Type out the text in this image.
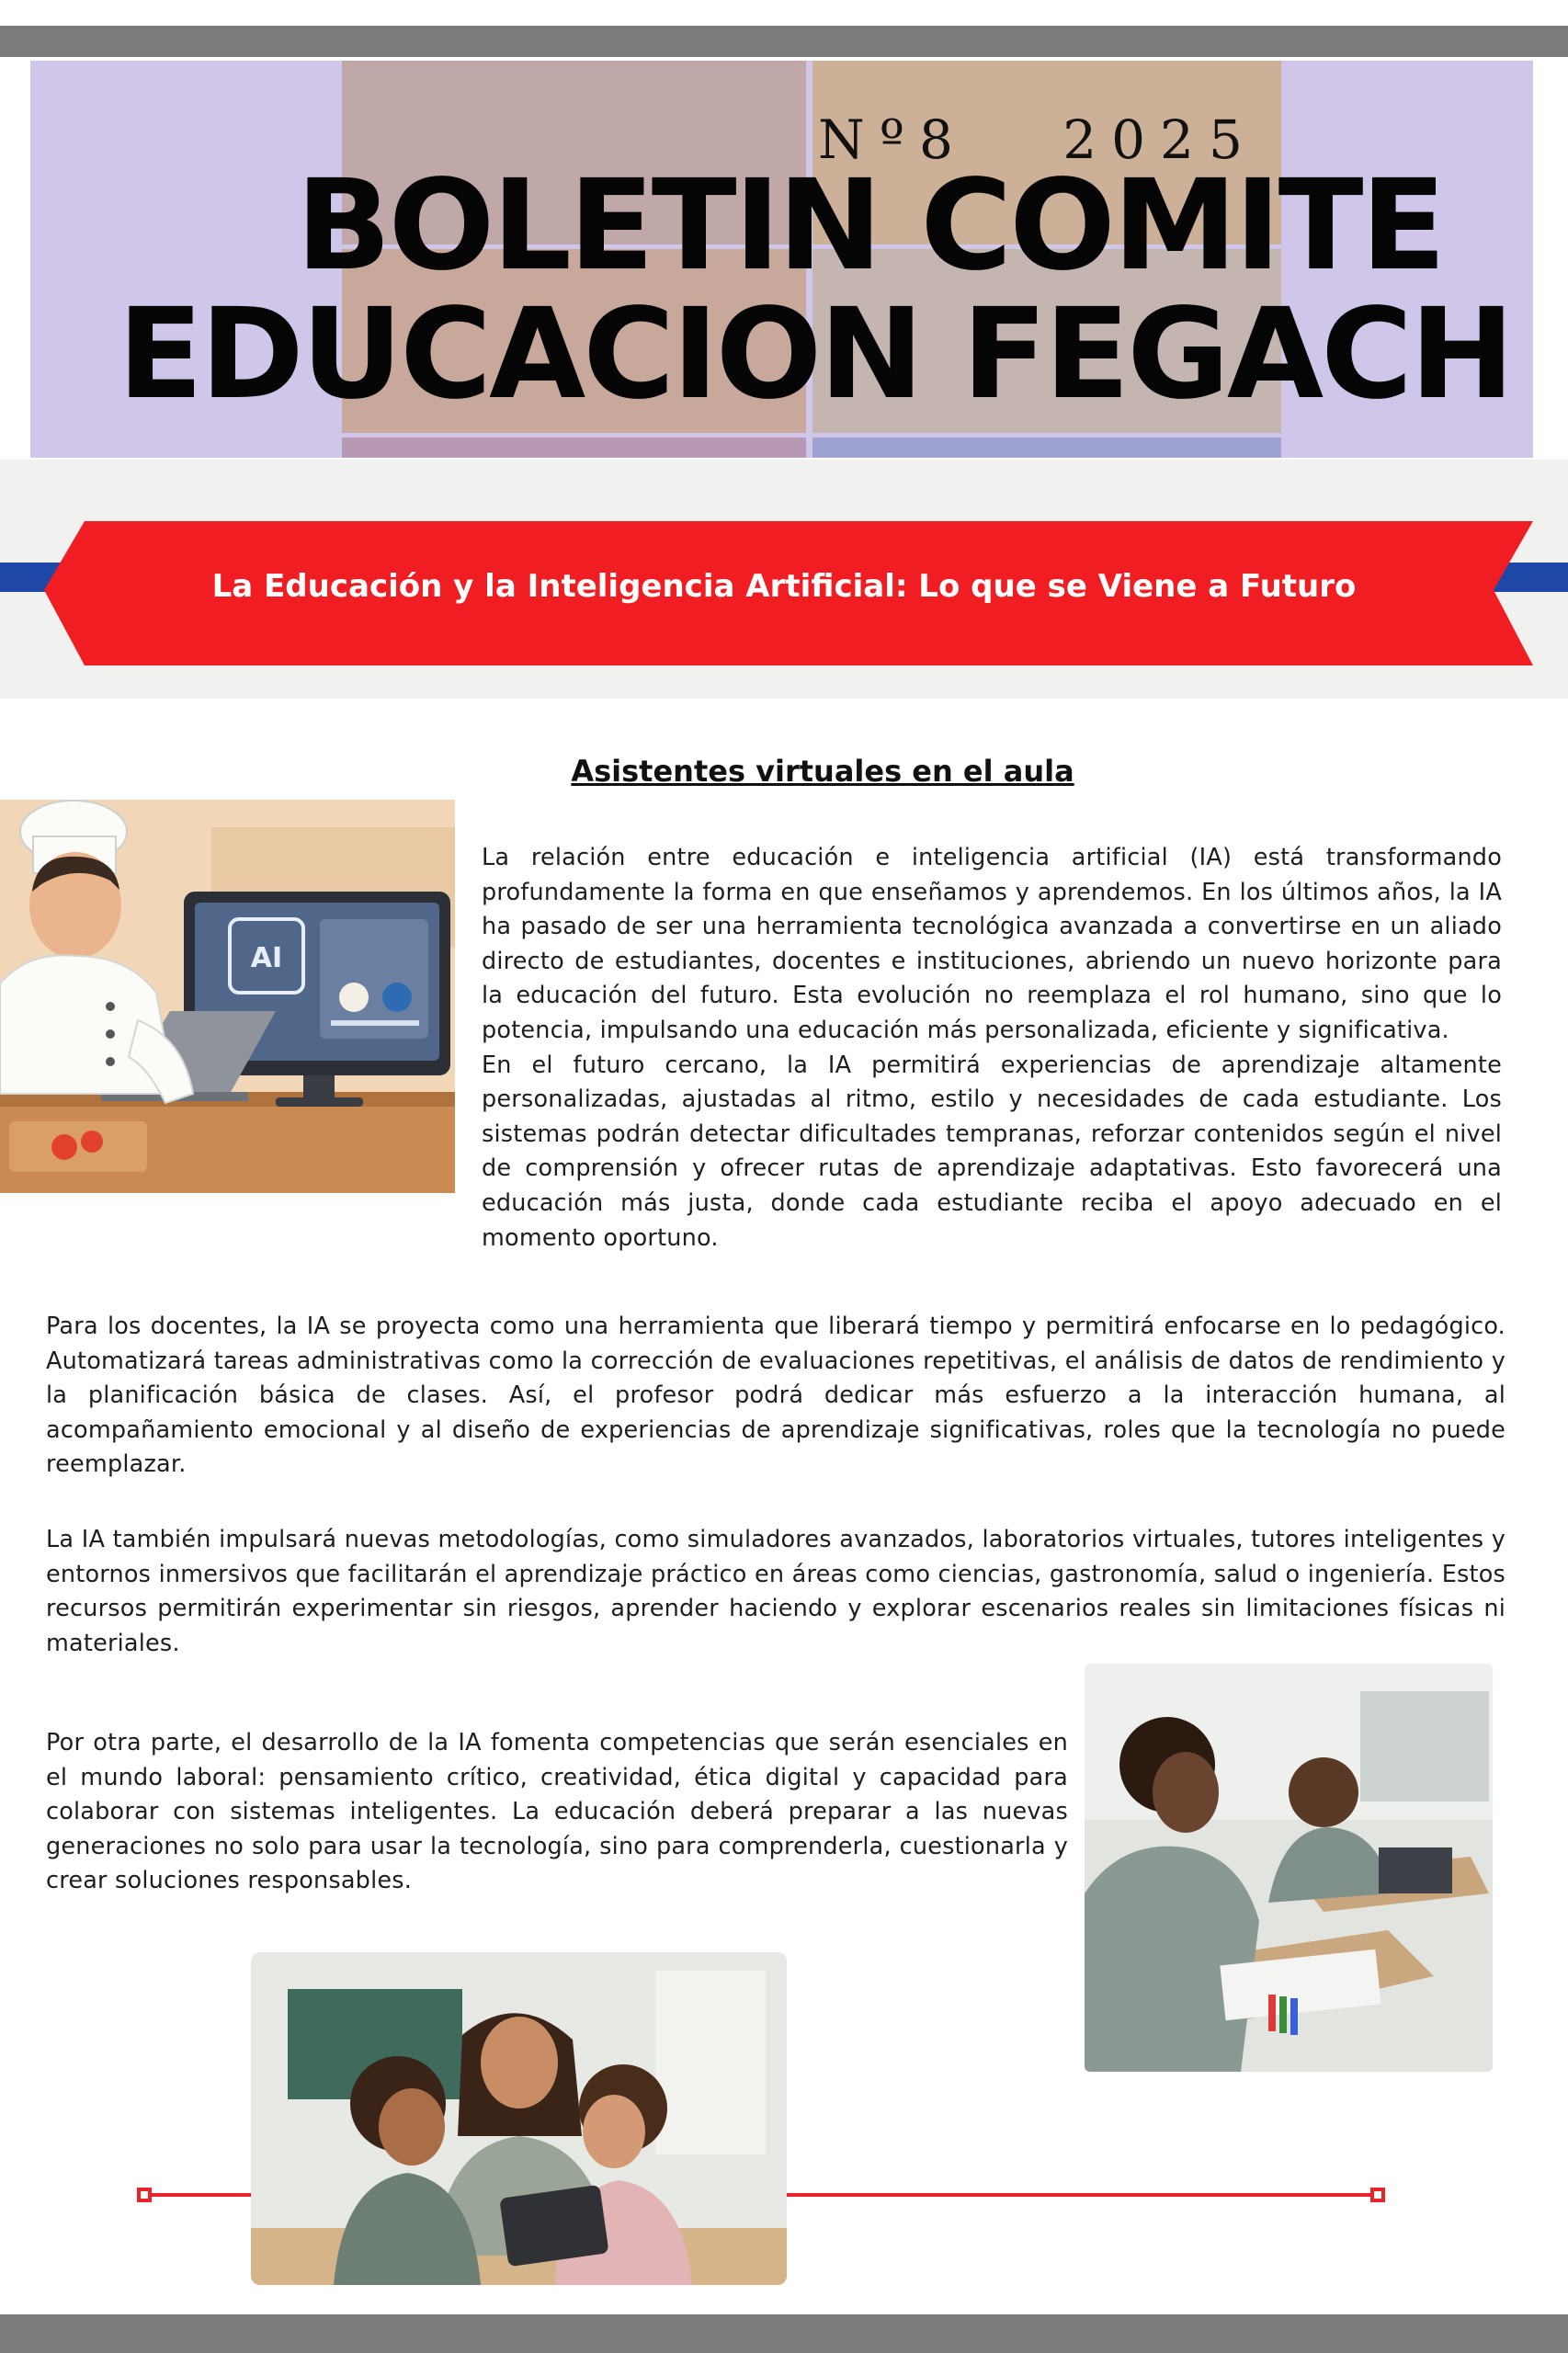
Nº8   2025
BOLETIN COMITE
EDUCACION FEGACH
La Educación y la Inteligencia Artificial: Lo que se Viene a Futuro
Asistentes virtuales en el aula
AI

La relación entre educación e inteligencia artificial (IA) está transformando profundamente la forma en que enseñamos y aprendemos. En los últimos años, la IA ha pasado de ser una herramienta tecnológica avanzada a convertirse en un aliado directo de estudiantes, docentes e instituciones, abriendo un nuevo horizonte para la educación del futuro. Esta evolución no reemplaza el rol humano, sino que lo potencia, impulsando una educación más personalizada, eficiente y significativa.

En el futuro cercano, la IA permitirá experiencias de aprendizaje altamente personalizadas, ajustadas al ritmo, estilo y necesidades de cada estudiante. Los sistemas podrán detectar dificultades tempranas, reforzar contenidos según el nivel de comprensión y ofrecer rutas de aprendizaje adaptativas. Esto favorecerá una educación más justa, donde cada estudiante reciba el apoyo adecuado en el momento oportuno.

Para los docentes, la IA se proyecta como una herramienta que liberará tiempo y permitirá enfocarse en lo pedagógico. Automatizará tareas administrativas como la corrección de evaluaciones repetitivas, el análisis de datos de rendimiento y la planificación básica de clases. Así, el profesor podrá dedicar más esfuerzo a la interacción humana, al acompañamiento emocional y al diseño de experiencias de aprendizaje significativas, roles que la tecnología no puede reemplazar.

La IA también impulsará nuevas metodologías, como simuladores avanzados, laboratorios virtuales, tutores inteligentes y entornos inmersivos que facilitarán el aprendizaje práctico en áreas como ciencias, gastronomía, salud o ingeniería. Estos recursos permitirán experimentar sin riesgos, aprender haciendo y explorar escenarios reales sin limitaciones físicas ni materiales.

Por otra parte, el desarrollo de la IA fomenta competencias que serán esenciales en el mundo laboral: pensamiento crítico, creatividad, ética digital y capacidad para colaborar con sistemas inteligentes. La educación deberá preparar a las nuevas generaciones no solo para usar la tecnología, sino para comprenderla, cuestionarla y crear soluciones responsables.
